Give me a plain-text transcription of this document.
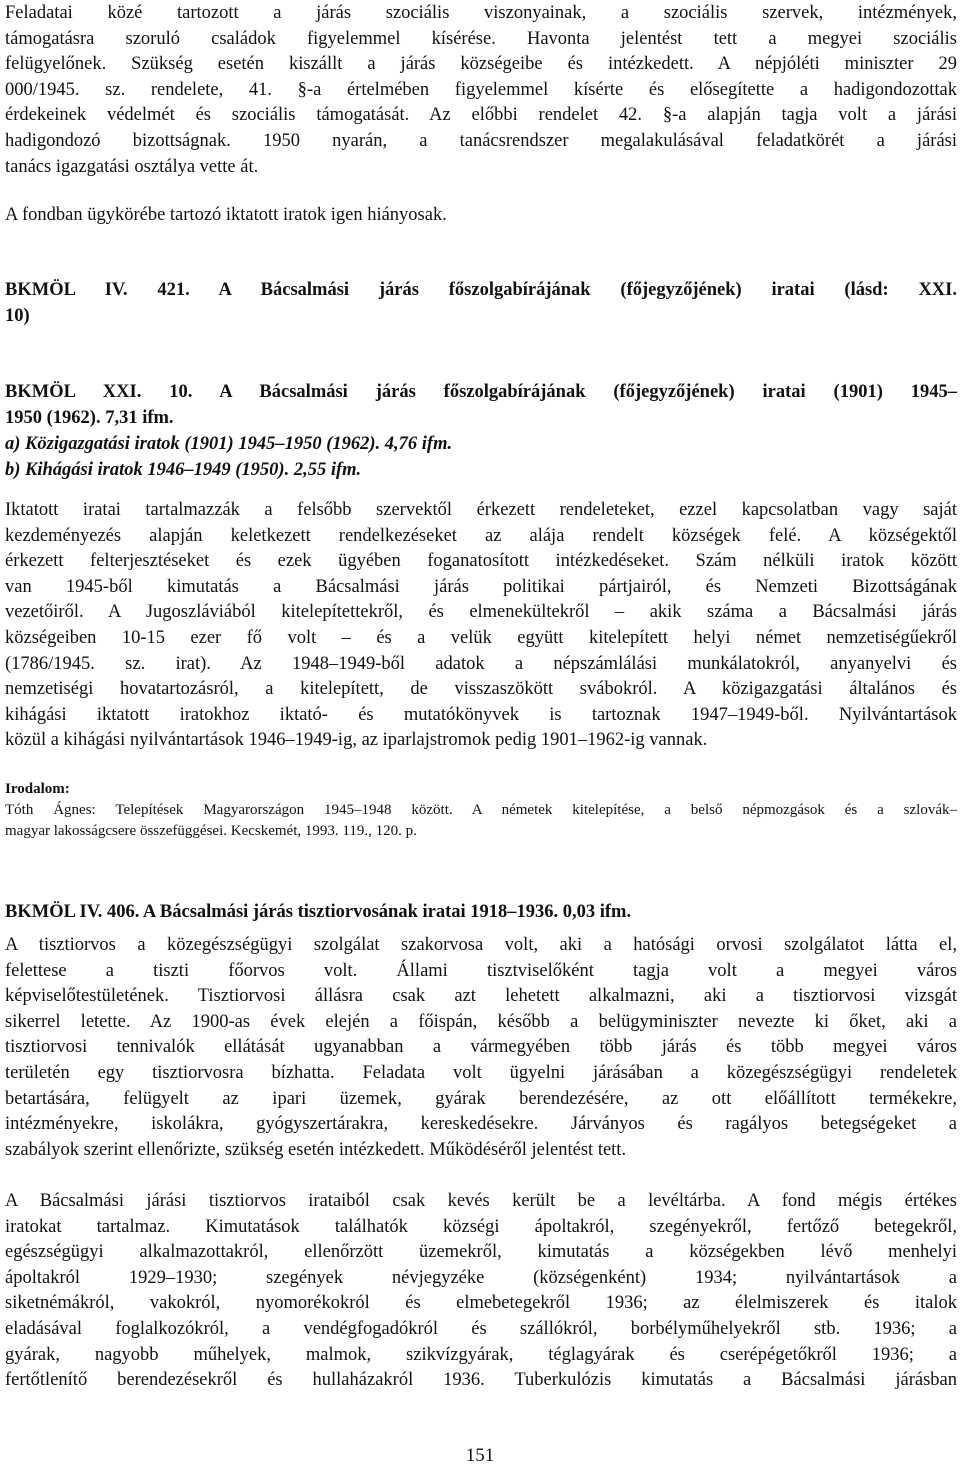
Feladatai közé tartozott a járás szociális viszonyainak, a szociális szervek, intézmények,
támogatásra szoruló családok figyelemmel kísérése. Havonta jelentést tett a megyei szociális
felügyelőnek. Szükség esetén kiszállt a járás községeibe és intézkedett. A népjóléti miniszter 29
000/1945. sz. rendelete, 41. §-a értelmében figyelemmel kísérte és elősegítette a hadigondozottak
érdekeinek védelmét és szociális támogatását. Az előbbi rendelet 42. §-a alapján tagja volt a járási
hadigondozó bizottságnak. 1950 nyarán, a tanácsrendszer megalakulásával feladatkörét a járási
tanács igazgatási osztálya vette át.

A fondban ügykörébe tartozó iktatott iratok igen hiányosak.

BKMÖL IV. 421. A Bácsalmási járás főszolgabírájának (főjegyzőjének) iratai (lásd: XXI.
10)

BKMÖL XXI. 10. A Bácsalmási járás főszolgabírájának (főjegyzőjének) iratai (1901) 1945–
1950 (1962). 7,31 ifm.

a) Közigazgatási iratok (1901) 1945–1950 (1962). 4,76 ifm.
b) Kihágási iratok 1946–1949 (1950). 2,55 ifm.

Iktatott iratai tartalmazzák a felsőbb szervektől érkezett rendeleteket, ezzel kapcsolatban vagy saját
kezdeményezés alapján keletkezett rendelkezéseket az alája rendelt községek felé. A községektől
érkezett felterjesztéseket és ezek ügyében foganatosított intézkedéseket. Szám nélküli iratok között
van 1945-ből kimutatás a Bácsalmási járás politikai pártjairól, és Nemzeti Bizottságának
vezetőiről. A Jugoszláviából kitelepítettekről, és elmenekültekről – akik száma a Bácsalmási járás
községeiben 10-15 ezer fő volt – és a velük együtt kitelepített helyi német nemzetiségűekről
(1786/1945. sz. irat). Az 1948–1949-ből adatok a népszámlálási munkálatokról, anyanyelvi és
nemzetiségi hovatartozásról, a kitelepített, de visszaszökött svábokról. A közigazgatási általános és
kihágási iktatott iratokhoz iktató- és mutatókönyvek is tartoznak 1947–1949-ből. Nyilvántartások
közül a kihágási nyilvántartások 1946–1949-ig, az iparlajstromok pedig 1901–1962-ig vannak.

Irodalom:

Tóth Ágnes: Telepítések Magyarországon 1945–1948 között. A németek kitelepítése, a belső népmozgások és a szlovák–
magyar lakosságcsere összefüggései. Kecskemét, 1993. 119., 120. p.

BKMÖL IV. 406. A Bácsalmási járás tisztiorvosának iratai 1918–1936. 0,03 ifm.

A tisztiorvos a közegészségügyi szolgálat szakorvosa volt, aki a hatósági orvosi szolgálatot látta el,
felettese a tiszti főorvos volt. Állami tisztviselőként tagja volt a megyei város
képviselőtestületének. Tisztiorvosi állásra csak azt lehetett alkalmazni, aki a tisztiorvosi vizsgát
sikerrel letette. Az 1900-as évek elején a főispán, később a belügyminiszter nevezte ki őket, aki a
tisztiorvosi tennivalók ellátását ugyanabban a vármegyében több járás és több megyei város
területén egy tisztiorvosra bízhatta. Feladata volt ügyelni járásában a közegészségügyi rendeletek
betartására, felügyelt az ipari üzemek, gyárak berendezésére, az ott előállított termékekre,
intézményekre, iskolákra, gyógyszertárakra, kereskedésekre. Járványos és ragályos betegségeket a
szabályok szerint ellenőrizte, szükség esetén intézkedett. Működéséről jelentést tett.

A Bácsalmási járási tisztiorvos irataiból csak kevés került be a levéltárba. A fond mégis értékes
iratokat tartalmaz. Kimutatások találhatók községi ápoltakról, szegényekről, fertőző betegekről,
egészségügyi alkalmazottakról, ellenőrzött üzemekről, kimutatás a községekben lévő menhelyi
ápoltakról 1929–1930; szegények névjegyzéke (községenként) 1934; nyilvántartások a
siketnémákról, vakokról, nyomorékokról és elmebetegekről 1936; az élelmiszerek és italok
eladásával foglalkozókról, a vendégfogadókról és szállókról, borbélyműhelyekről stb. 1936; a
gyárak, nagyobb műhelyek, malmok, szikvízgyárak, téglagyárak és cserépégetőkről 1936; a
fertőtlenítő berendezésekről és hullaházakról 1936. Tuberkulózis kimutatás a Bácsalmási járásban

151
